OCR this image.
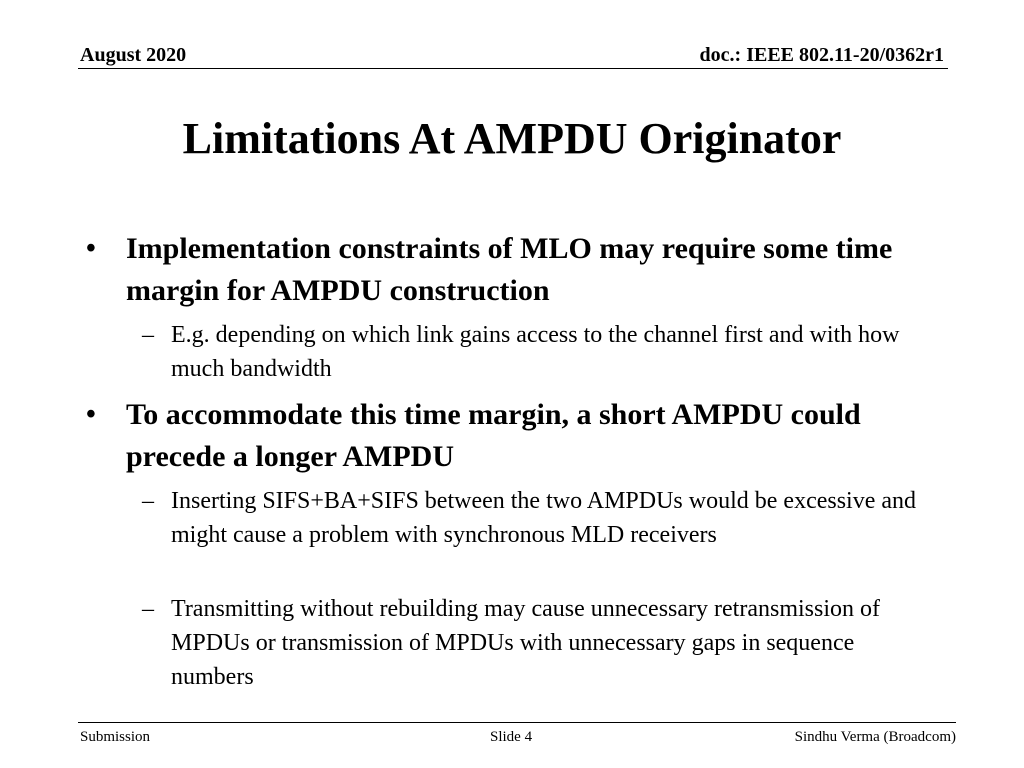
August 2020	doc.: IEEE 802.11-20/0362r1
Limitations At AMPDU Originator
• Implementation constraints of MLO may require some time margin for AMPDU construction
– E.g. depending on which link gains access to the channel first and with how much bandwidth
• To accommodate this time margin, a short AMPDU could precede a longer AMPDU
– Inserting SIFS+BA+SIFS between the two AMPDUs would be excessive and might cause a problem with synchronous MLD receivers
– Transmitting without rebuilding may cause unnecessary retransmission of MPDUs or transmission of MPDUs with unnecessary gaps in sequence numbers
Submission	Slide 4	Sindhu Verma (Broadcom)
